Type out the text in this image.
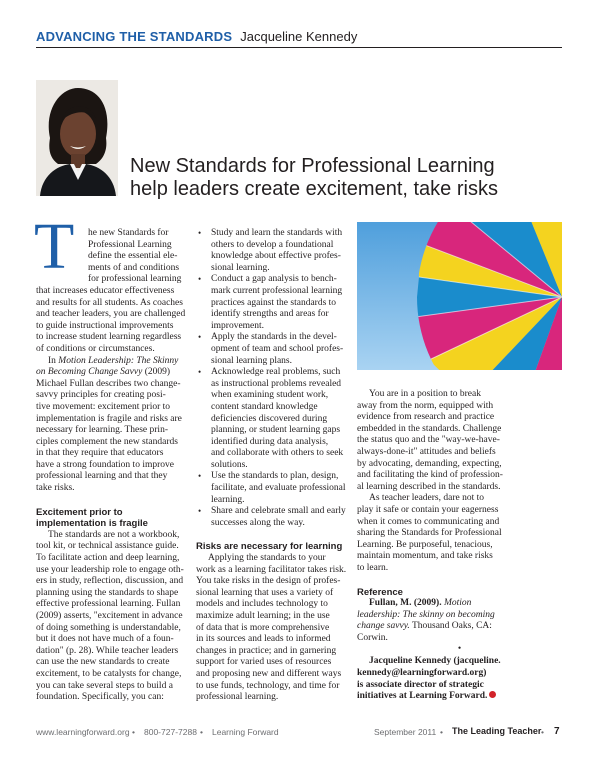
ADVANCING THE STANDARDS Jacqueline Kennedy
New Standards for Professional Learning
help leaders create excitement, take risks
T	he new Standards for
Professional Learning
define the essential ele-
ments of and conditions
for professional learning
that increases educator effectiveness
and results for all students. As coaches
and teacher leaders, you are challenged
to guide instructional improvements
to increase student learning regardless
of conditions or circumstances.

In Motion Leadership: The Skinny
on Becoming Change Savvy (2009)
Michael Fullan describes two change-
savvy principles for creating posi-
tive movement: excitement prior to
implementation is fragile and risks are
necessary for learning. These prin-
ciples complement the new standards
in that they require that educators
have a strong foundation to improve
professional learning and that they
take risks.

Excitement prior to
implementation is fragile

The standards are not a workbook,
tool kit, or technical assistance guide.
To facilitate action and deep learning,
use your leadership role to engage oth-
ers in study, reflection, discussion, and
planning using the standards to shape
effective professional learning. Fullan
(2009) asserts, "excitement in advance
of doing something is understandable,
but it does not have much of a foun-
dation" (p. 28). While teacher leaders
can use the new standards to create
excitement, to be catalysts for change,
you can take several steps to build a
foundation. Specifically, you can:

• Study and learn the standards with
others to develop a foundational
knowledge about effective profes-
sional learning.
• Conduct a gap analysis to bench-
mark current professional learning
practices against the standards to
identify strengths and areas for
improvement.
• Apply the standards in the devel-
opment of team and school profes-
sional learning plans.
• Acknowledge real problems, such
as instructional problems revealed
when examining student work,
content standard knowledge
deficiencies discovered during
planning, or student learning gaps
identified during data analysis,
and collaborate with others to seek
solutions.
• Use the standards to plan, design,
facilitate, and evaluate professional
learning.
• Share and celebrate small and early
successes along the way.
Risks are necessary for learning

Applying the standards to your
work as a learning facilitator takes risk.
You take risks in the design of profes-
sional learning that uses a variety of
models and includes technology to
maximize adult learning; in the use
of data that is more comprehensive
in its sources and leads to informed
changes in practice; and in garnering
support for varied uses of resources
and proposing new and different ways
to use funds, technology, and time for
professional learning.

You are in a position to break
away from the norm, equipped with
evidence from research and practice
embedded in the standards. Challenge
the status quo and the "way-we-have-
always-done-it" attitudes and beliefs
by advocating, demanding, expecting,
and facilitating the kind of profession-
al learning described in the standards.

As teacher leaders, dare not to
play it safe or contain your eagerness
when it comes to communicating and
sharing the Standards for Professional
Learning. Be purposeful, tenacious,
maintain momentum, and take risks
to learn.

Reference

Fullan, M. (2009). Motion
leadership: The skinny on becoming
change savvy. Thousand Oaks, CA:
Corwin.

•

Jacqueline Kennedy (jacqueline.
kennedy@learningforward.org)
is associate director of strategic
initiatives at Learning Forward.

www.learningforward.org • 800-727-7288 • Learning Forward	September 2011 • The Leading Teacher • 7
